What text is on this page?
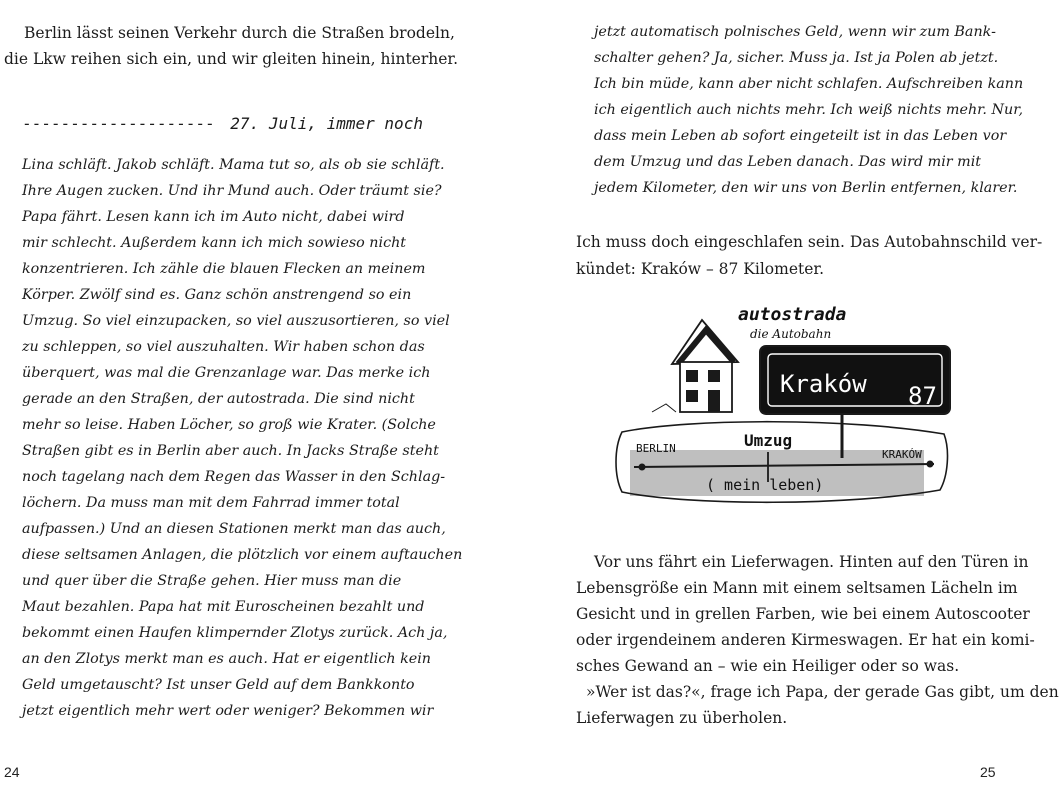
Berlin lässt seinen Verkehr durch die Straßen brodeln,
die Lkw reihen sich ein, und wir gleiten hinein, hinterher.
-------------------- 27. Juli, immer noch
Lina schläft. Jakob schläft. Mama tut so, als ob sie schläft.
Ihre Augen zucken. Und ihr Mund auch. Oder träumt sie?
Papa fährt. Lesen kann ich im Auto nicht, dabei wird
mir schlecht. Außerdem kann ich mich sowieso nicht
konzentrieren. Ich zähle die blauen Flecken an meinem
Körper. Zwölf sind es. Ganz schön anstrengend so ein
Umzug. So viel einzupacken, so viel auszusortieren, so viel
zu schleppen, so viel auszuhalten. Wir haben schon das
überquert, was mal die Grenzanlage war. Das merke ich
gerade an den Straßen, der autostrada. Die sind nicht
mehr so leise. Haben Löcher, so groß wie Krater. (Solche
Straßen gibt es in Berlin aber auch. In Jacks Straße steht
noch tagelang nach dem Regen das Wasser in den Schlag-
löchern. Da muss man mit dem Fahrrad immer total
aufpassen.) Und an diesen Stationen merkt man das auch,
diese seltsamen Anlagen, die plötzlich vor einem auftauchen
und quer über die Straße gehen. Hier muss man die
Maut bezahlen. Papa hat mit Euroscheinen bezahlt und
bekommt einen Haufen klimpernder Zlotys zurück. Ach ja,
an den Zlotys merkt man es auch. Hat er eigentlich kein
Geld umgetauscht? Ist unser Geld auf dem Bankkonto
jetzt eigentlich mehr wert oder weniger? Bekommen wir
24
jetzt automatisch polnisches Geld, wenn wir zum Bank-
schalter gehen? Ja, sicher. Muss ja. Ist ja Polen ab jetzt.
Ich bin müde, kann aber nicht schlafen. Aufschreiben kann
ich eigentlich auch nichts mehr. Ich weiß nichts mehr. Nur,
dass mein Leben ab sofort eingeteilt ist in das Leben vor
dem Umzug und das Leben danach. Das wird mir mit
jedem Kilometer, den wir uns von Berlin entfernen, klarer.
Ich muss doch eingeschlafen sein. Das Autobahnschild ver-
kündet: Kraków – 87 Kilometer.
Kraków 87
autostrada
die Autobahn
BERLIN	KRAKÓW
Umzug
( mein leben)
Vor uns fährt ein Lieferwagen. Hinten auf den Türen in
Lebensgröße ein Mann mit einem seltsamen Lächeln im
Gesicht und in grellen Farben, wie bei einem Autoscooter
oder irgendeinem anderen Kirmeswagen. Er hat ein komi-
sches Gewand an – wie ein Heiliger oder so was.
»Wer ist das?«, frage ich Papa, der gerade Gas gibt, um den
Lieferwagen zu überholen.
25
